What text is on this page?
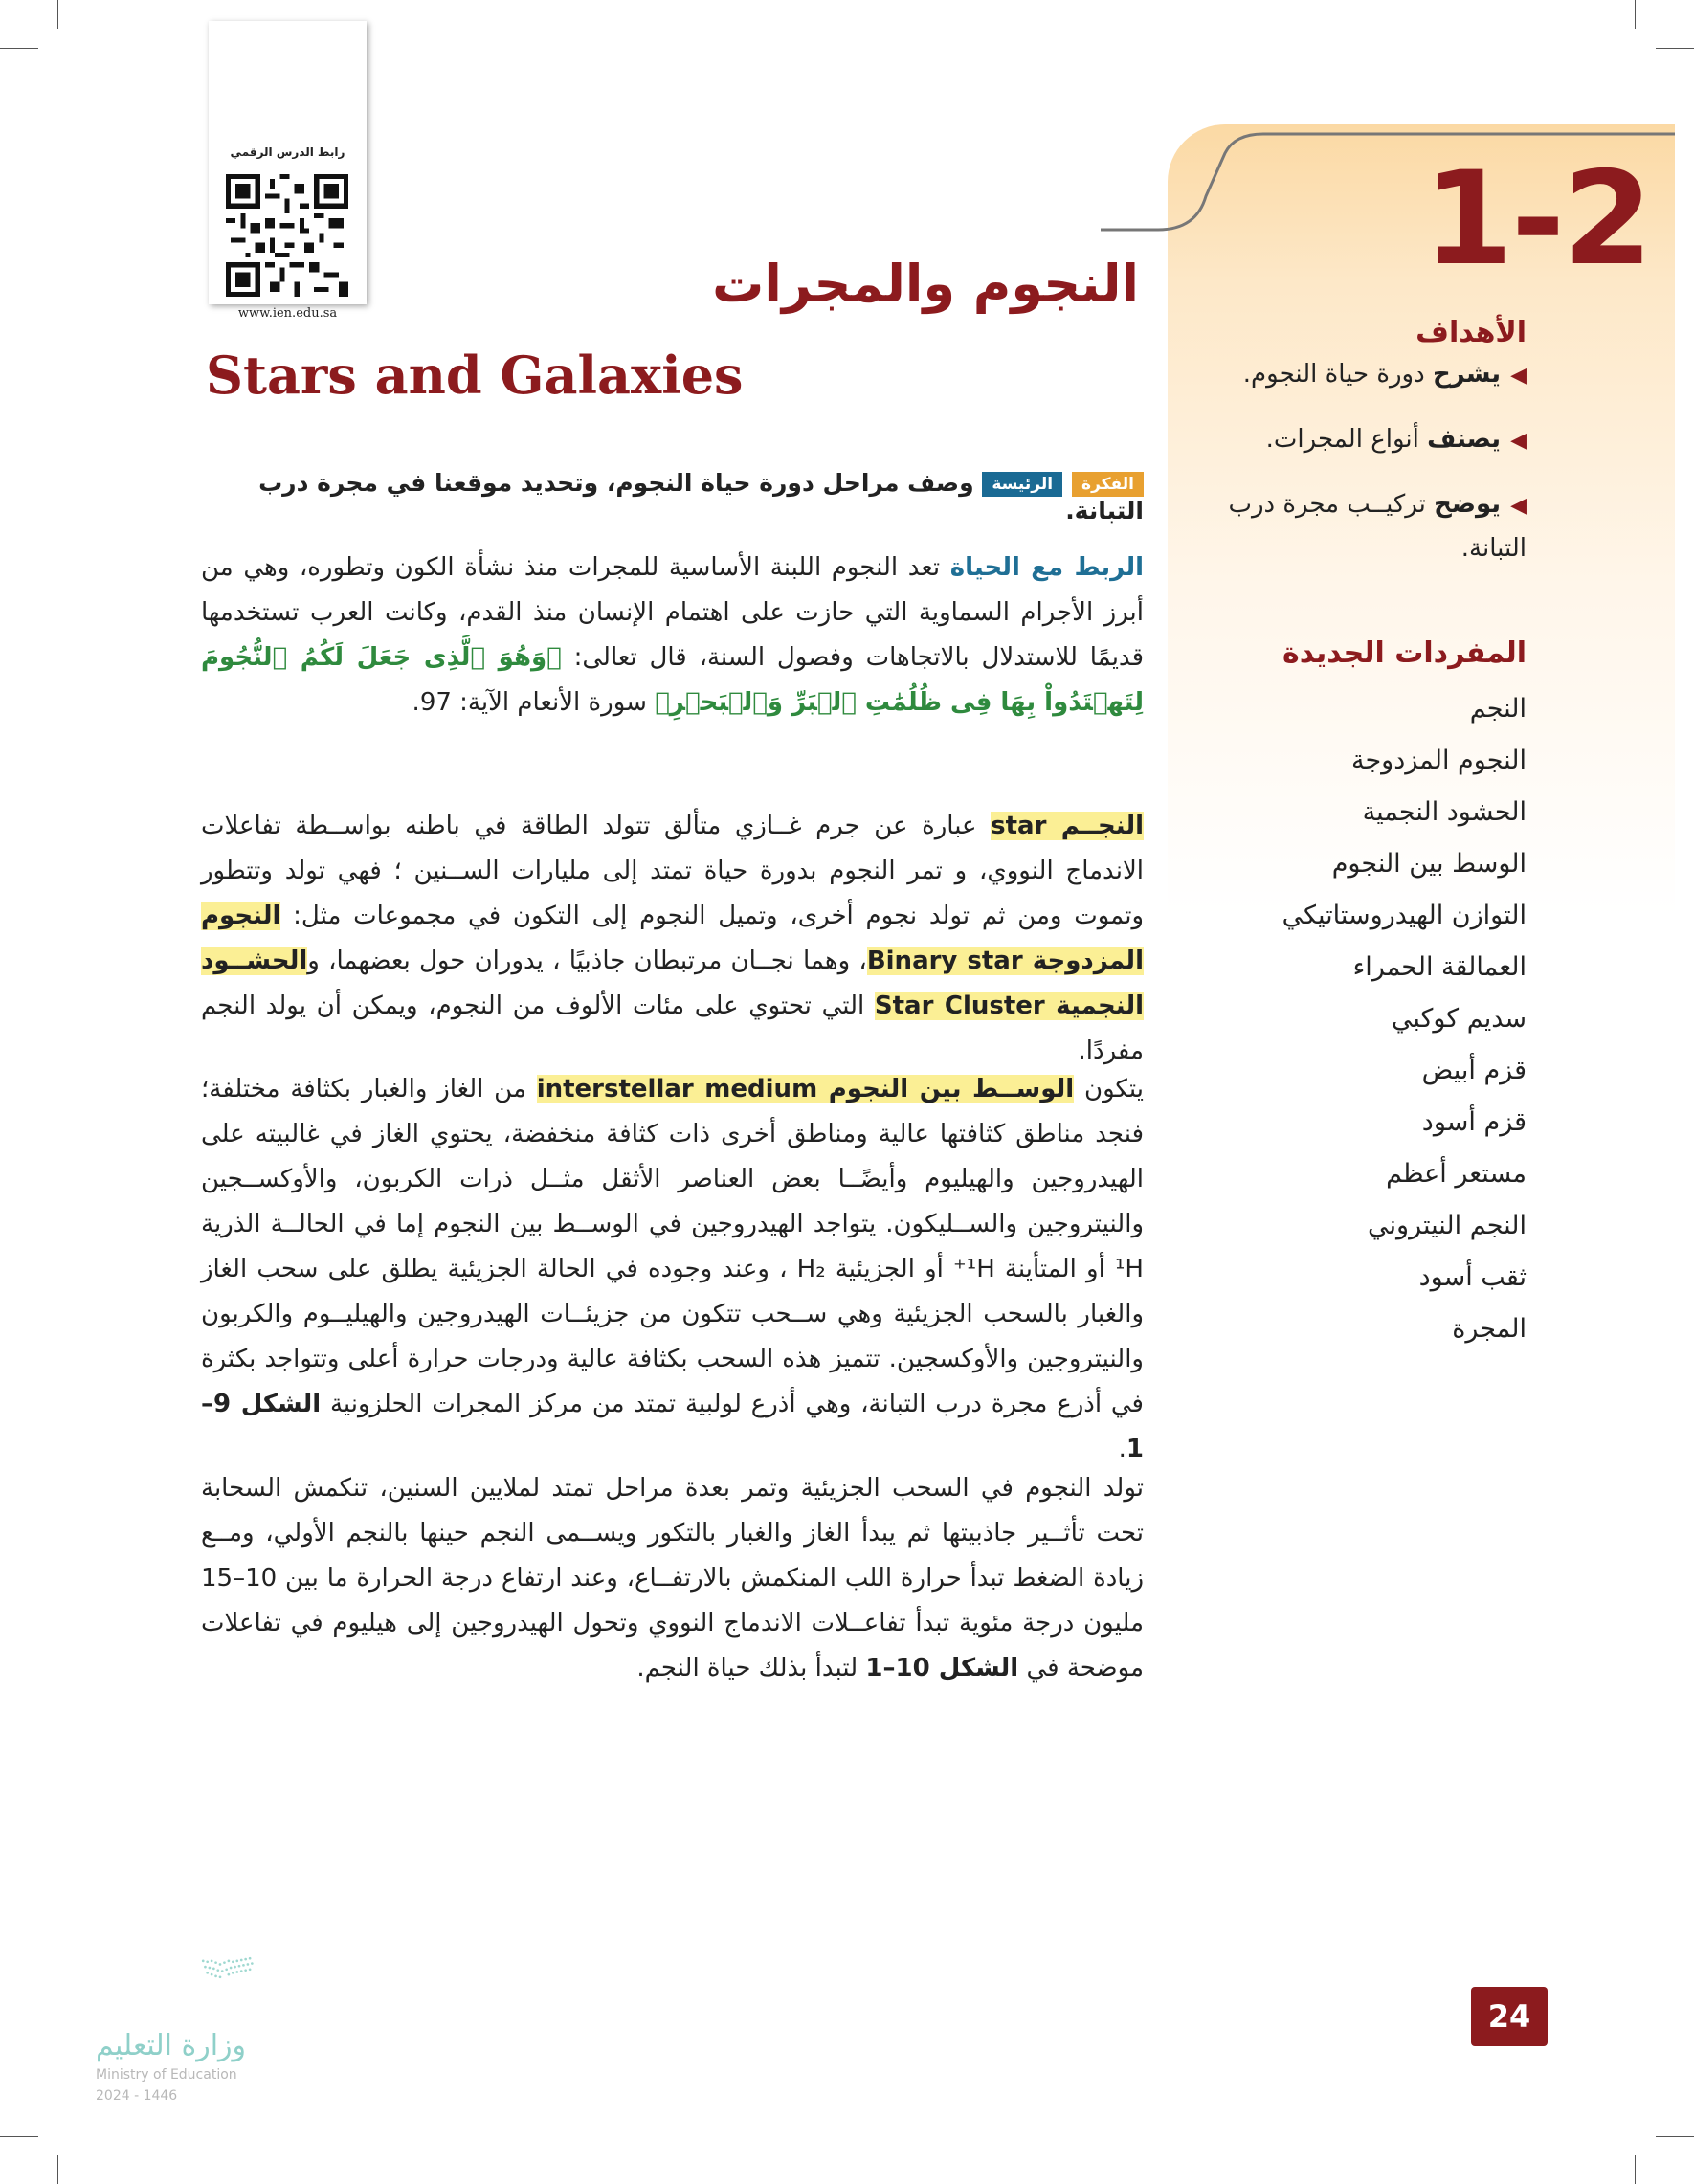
1-2
رابط الدرس الرقمي
www.ien.edu.sa	النجوم والمجرات
Stars and Galaxies
الفكرةالرئيسة وصف مراحل دورة حياة النجوم، وتحديد موقعنا في مجرة درب التبانة.
الربط مع الحياة تعد النجوم اللبنة الأساسية للمجرات منذ نشأة الكون وتطوره، وهي من أبرز الأجرام السماوية التي حازت على اهتمام الإنسان منذ القدم، وكانت العرب تستخدمها قديمًا للاستدلال بالاتجاهات وفصول السنة، قال تعالى: ﴿وَهُوَ ٱلَّذِى جَعَلَ لَكُمُ ٱلنُّجُومَ لِتَهۡتَدُواْ بِهَا فِى ظُلُمَٰتِ ٱلۡبَرِّ وَٱلۡبَحۡرِ﴾ سورة الأنعام الآية: 97.
النجــم star عبارة عن جرم غــازي متألق تتولد الطاقة في باطنه بواســطة تفاعلات الاندماج النووي، و تمر النجوم بدورة حياة تمتد إلى مليارات الســنين ؛ فهي تولد وتتطور وتموت ومن ثم تولد نجوم أخرى، وتميل النجوم إلى التكون في مجموعات مثل: النجوم المزدوجة Binary star، وهما نجــان مرتبطان جاذبيًا ، يدوران حول بعضهما، والحشــود النجمية Star Cluster التي تحتوي على مئات الألوف من النجوم، ويمكن أن يولد النجم مفردًا.
يتكون الوســط بين النجوم interstellar medium من الغاز والغبار بكثافة مختلفة؛ فنجد مناطق كثافتها عالية ومناطق أخرى ذات كثافة منخفضة، يحتوي الغاز في غالبيته على الهيدروجين والهيليوم وأيضًــا بعض العناصر الأثقل مثــل ذرات الكربون، والأوكســجين والنيتروجين والســليكون. يتواجد الهيدروجين في الوســط بين النجوم إما في الحالــة الذرية ¹H أو المتأينة ¹H⁺ أو الجزيئية H₂ ، وعند وجوده في الحالة الجزيئية يطلق على سحب الغاز والغبار بالسحب الجزيئية وهي ســحب تتكون من جزيئــات الهيدروجين والهيليــوم والكربون والنيتروجين والأوكسجين. تتميز هذه السحب بكثافة عالية ودرجات حرارة أعلى وتتواجد بكثرة في أذرع مجرة درب التبانة، وهي أذرع لولبية تمتد من مركز المجرات الحلزونية الشكل 9–1.
تولد النجوم في السحب الجزيئية وتمر بعدة مراحل تمتد لملايين السنين، تنكمش السحابة تحت تأثــير جاذبيتها ثم يبدأ الغاز والغبار بالتكور ويســمى النجم حينها بالنجم الأولي، ومــع زيادة الضغط تبدأ حرارة اللب المنكمش بالارتفــاع، وعند ارتفاع درجة الحرارة ما بين 10–15 مليون درجة مئوية تبدأ تفاعــلات الاندماج النووي وتحول الهيدروجين إلى هيليوم في تفاعلات موضحة في الشكل 10–1 لتبدأ بذلك حياة النجم.
الأهداف
◀يشرح دورة حياة النجوم.
◀يصنف أنواع المجرات.
◀يوضح تركيــب مجرة درب التبانة.
المفردات الجديدة
النجم
النجوم المزدوجة
الحشود النجمية
الوسط بين النجوم
التوازن الهيدروستاتيكي
العمالقة الحمراء
سديم كوكبي
قزم أبيض
قزم أسود
مستعر أعظم
النجم النيتروني
ثقب أسود
المجرة
24
وزارة التعليم
Ministry of Education
2024 - 1446
